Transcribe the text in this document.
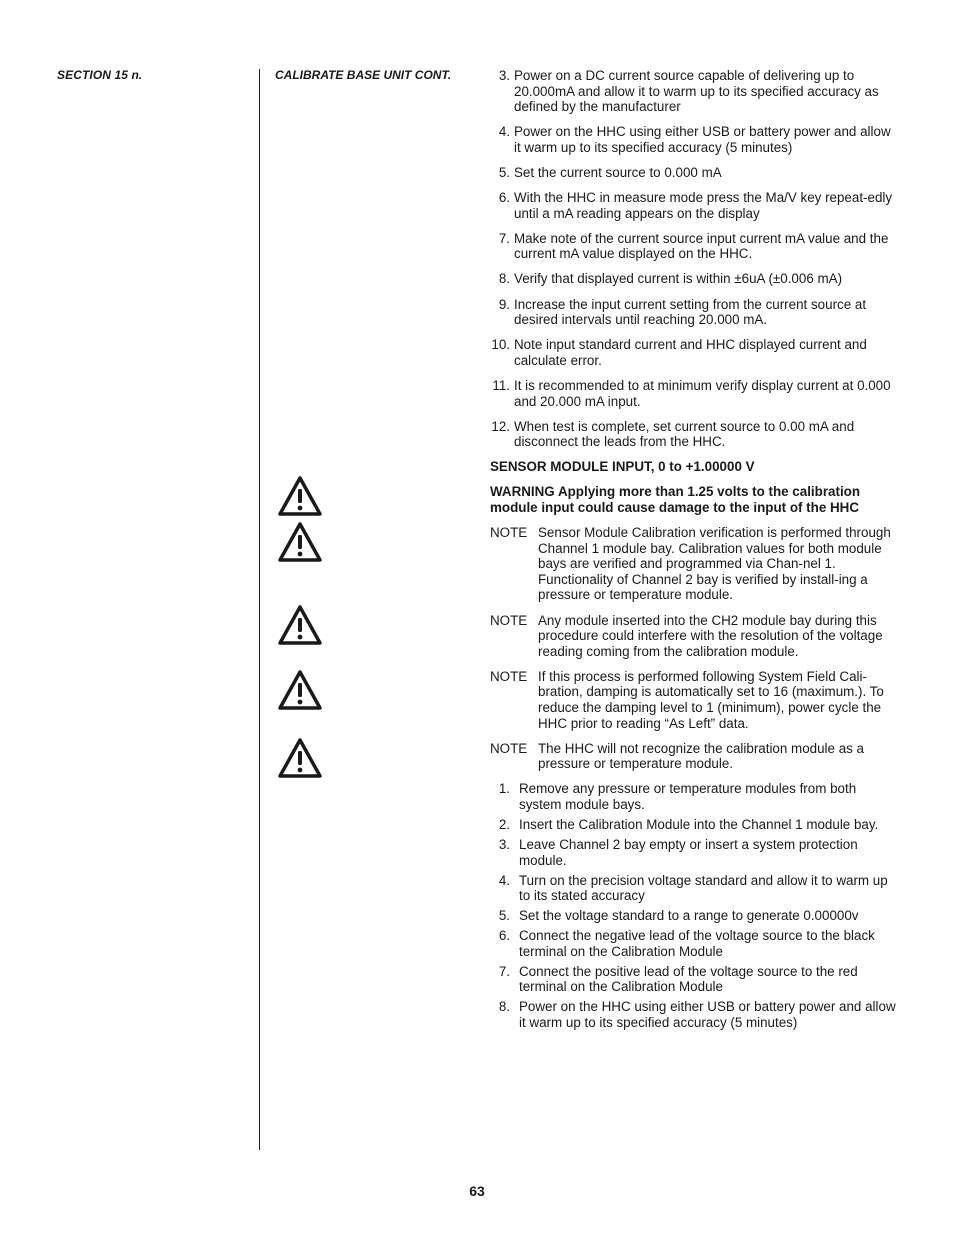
SECTION 15 n.	CALIBRATE BASE UNIT CONT.	3. Power on a DC current source capable of delivering up to 20.000mA and allow it to warm up to its specified accuracy as defined by the manufacturer
4. Power on the HHC using either USB or battery power and allow it warm up to its specified accuracy (5 minutes)
5. Set the current source to 0.000 mA
6. With the HHC in measure mode press the Ma/V key repeat-edly until a mA reading appears on the display
7. Make note of the current source input current mA value and the current mA value displayed on the HHC.
8. Verify that displayed current is within ±6uA (±0.006 mA)
9. Increase the input current setting from the current source at desired intervals until reaching 20.000 mA.
10. Note input standard current and HHC displayed current and calculate error.
11. It is recommended to at minimum verify display current at 0.000 and 20.000 mA input.
12. When test is complete, set current source to 0.00 mA and disconnect the leads from the HHC.
SENSOR MODULE INPUT, 0 to +1.00000 V
WARNING Applying more than 1.25 volts to the calibration module input could cause damage to the input of the HHC
NOTE Sensor Module Calibration verification is performed through Channel 1 module bay. Calibration values for both module bays are verified and programmed via Chan-nel 1. Functionality of Channel 2 bay is verified by install-ing a pressure or temperature module.
NOTE Any module inserted into the CH2 module bay during this procedure could interfere with the resolution of the voltage reading coming from the calibration module.
NOTE If this process is performed following System Field Cali-bration, damping is automatically set to 16 (maximum.). To reduce the damping level to 1 (minimum), power cycle the HHC prior to reading “As Left” data.
NOTE The HHC will not recognize the calibration module as a pressure or temperature module.
1. Remove any pressure or temperature modules from both system module bays.
2. Insert the Calibration Module into the Channel 1 module bay.
3. Leave Channel 2 bay empty or insert a system protection module.
4. Turn on the precision voltage standard and allow it to warm up to its stated accuracy
5. Set the voltage standard to a range to generate 0.00000v
6. Connect the negative lead of the voltage source to the black terminal on the Calibration Module
7. Connect the positive lead of the voltage source to the red terminal on the Calibration Module
8. Power on the HHC using either USB or battery power and allow it warm up to its specified accuracy (5 minutes)
63
